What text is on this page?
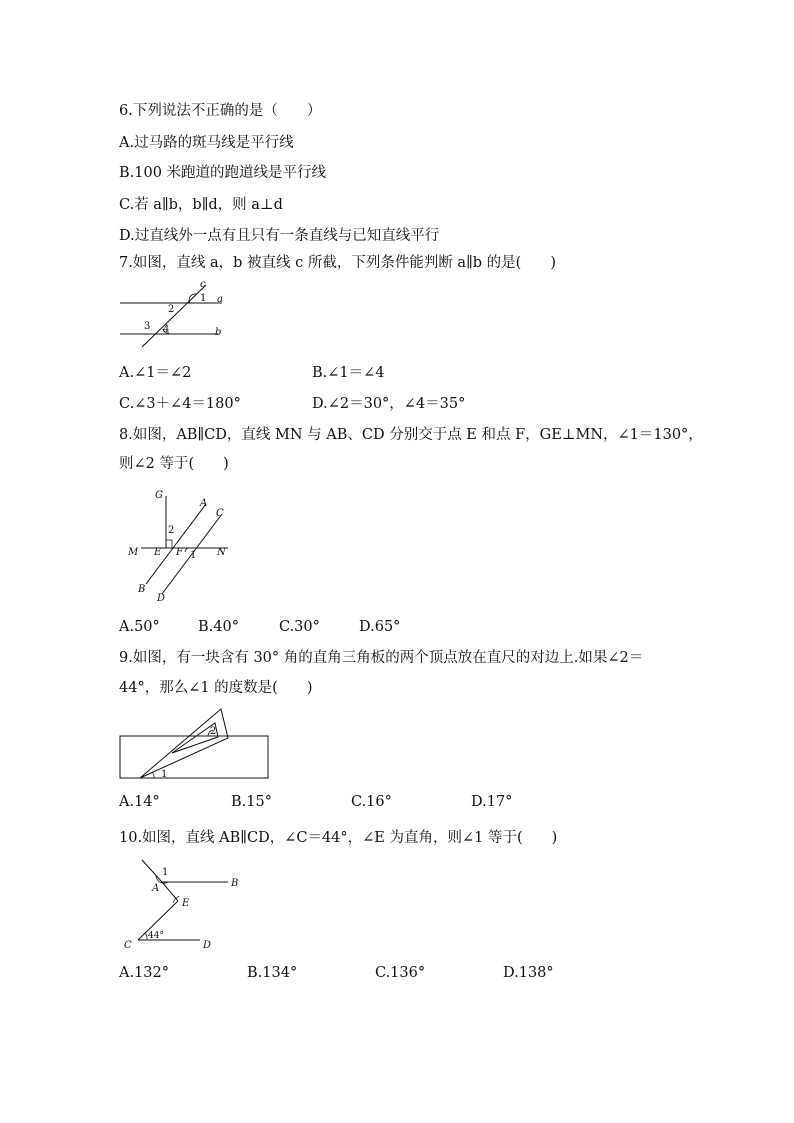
6.下列说法不正确的是（　　）
A.过马路的斑马线是平行线
B.100 米跑道的跑道线是平行线
C.若 a∥b，b∥d，则 a⊥d
D.过直线外一点有且只有一条直线与已知直线平行
7.如图，直线 a，b 被直线 c 所截，下列条件能判断 a∥b 的是(　　)
c
a
b
1
2
3 4
A.∠1＝∠2	B.∠1＝∠4
C.∠3＋∠4＝180°	D.∠2＝30°，∠4＝35°
8.如图，AB∥CD，直线 MN 与 AB、CD 分别交于点 E 和点 F，GE⊥MN，∠1＝130°，
则∠2 等于(　　)
G
A
C
2
M E F 1 N
B
D
A.50°	B.40°	C.30°	D.65°
9.如图，有一块含有 30° 角的直角三角板的两个顶点放在直尺的对边上.如果∠2＝
44°，那么∠1 的度数是(　　)
2
1
A.14°	B.15°	C.16°	D.17°
10.如图，直线 AB∥CD，∠C＝44°，∠E 为直角，则∠1 等于(　　)
1
A	B
E
44°
C	D
A.132°	B.134°	C.136°	D.138°
